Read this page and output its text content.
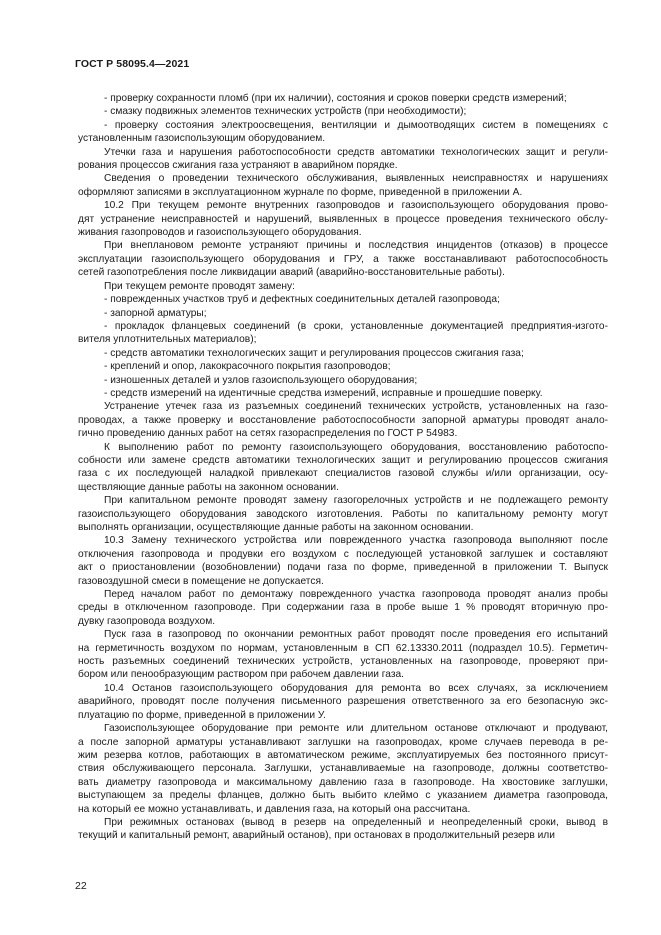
ГОСТ Р 58095.4—2021
- проверку сохранности пломб (при их наличии), состояния и сроков поверки средств измерений;
- смазку подвижных элементов технических устройств (при необходимости);
- проверку состояния электроосвещения, вентиляции и дымоотводящих систем в помещениях с
установленным газоиспользующим оборудованием.
Утечки газа и нарушения работоспособности средств автоматики технологических защит и регули-
рования процессов сжигания газа устраняют в аварийном порядке.
Сведения о проведении технического обслуживания, выявленных неисправностях и нарушениях
оформляют записями в эксплуатационном журнале по форме, приведенной в приложении А.
10.2 При текущем ремонте внутренних газопроводов и газоиспользующего оборудования прово-
дят устранение неисправностей и нарушений, выявленных в процессе проведения технического обслу-
живания газопроводов и газоиспользующего оборудования.
При внеплановом ремонте устраняют причины и последствия инцидентов (отказов) в процессе
эксплуатации газоиспользующего оборудования и ГРУ, а также восстанавливают работоспособность
сетей газопотребления после ликвидации аварий (аварийно-восстановительные работы).
При текущем ремонте проводят замену:
- поврежденных участков труб и дефектных соединительных деталей газопровода;
- запорной арматуры;
- прокладок фланцевых соединений (в сроки, установленные документацией предприятия-изгото-
вителя уплотнительных материалов);
- средств автоматики технологических защит и регулирования процессов сжигания газа;
- креплений и опор, лакокрасочного покрытия газопроводов;
- изношенных деталей и узлов газоиспользующего оборудования;
- средств измерений на идентичные средства измерений, исправные и прошедшие поверку.
Устранение утечек газа из разъемных соединений технических устройств, установленных на газо-
проводах, а также проверку и восстановление работоспособности запорной арматуры проводят анало-
гично проведению данных работ на сетях газораспределения по ГОСТ Р 54983.
К выполнению работ по ремонту газоиспользующего оборудования, восстановлению работоспо-
собности или замене средств автоматики технологических защит и регулированию процессов сжигания
газа с их последующей наладкой привлекают специалистов газовой службы и/или организации, осу-
ществляющие данные работы на законном основании.
При капитальном ремонте проводят замену газогорелочных устройств и не подлежащего ремонту
газоиспользующего оборудования заводского изготовления. Работы по капитальному ремонту могут
выполнять организации, осуществляющие данные работы на законном основании.
10.3 Замену технического устройства или поврежденного участка газопровода выполняют после
отключения газопровода и продувки его воздухом с последующей установкой заглушек и составляют
акт о приостановлении (возобновлении) подачи газа по форме, приведенной в приложении Т. Выпуск
газовоздушной смеси в помещение не допускается.
Перед началом работ по демонтажу поврежденного участка газопровода проводят анализ пробы
среды в отключенном газопроводе. При содержании газа в пробе выше 1 % проводят вторичную про-
дувку газопровода воздухом.
Пуск газа в газопровод по окончании ремонтных работ проводят после проведения его испытаний
на герметичность воздухом по нормам, установленным в СП 62.13330.2011 (подраздел 10.5). Герметич-
ность разъемных соединений технических устройств, установленных на газопроводе, проверяют при-
бором или пенообразующим раствором при рабочем давлении газа.
10.4 Останов газоиспользующего оборудования для ремонта во всех случаях, за исключением
аварийного, проводят после получения письменного разрешения ответственного за его безопасную экс-
плуатацию по форме, приведенной в приложении У.
Газоиспользующее оборудование при ремонте или длительном останове отключают и продувают,
а после запорной арматуры устанавливают заглушки на газопроводах, кроме случаев перевода в ре-
жим резерва котлов, работающих в автоматическом режиме, эксплуатируемых без постоянного присут-
ствия обслуживающего персонала. Заглушки, устанавливаемые на газопроводе, должны соответство-
вать диаметру газопровода и максимальному давлению газа в газопроводе. На хвостовике заглушки,
выступающем за пределы фланцев, должно быть выбито клеймо с указанием диаметра газопровода,
на который ее можно устанавливать, и давления газа, на который она рассчитана.
При режимных остановах (вывод в резерв на определенный и неопределенный сроки, вывод в
текущий и капитальный ремонт, аварийный останов), при остановах в продолжительный резерв или
22
